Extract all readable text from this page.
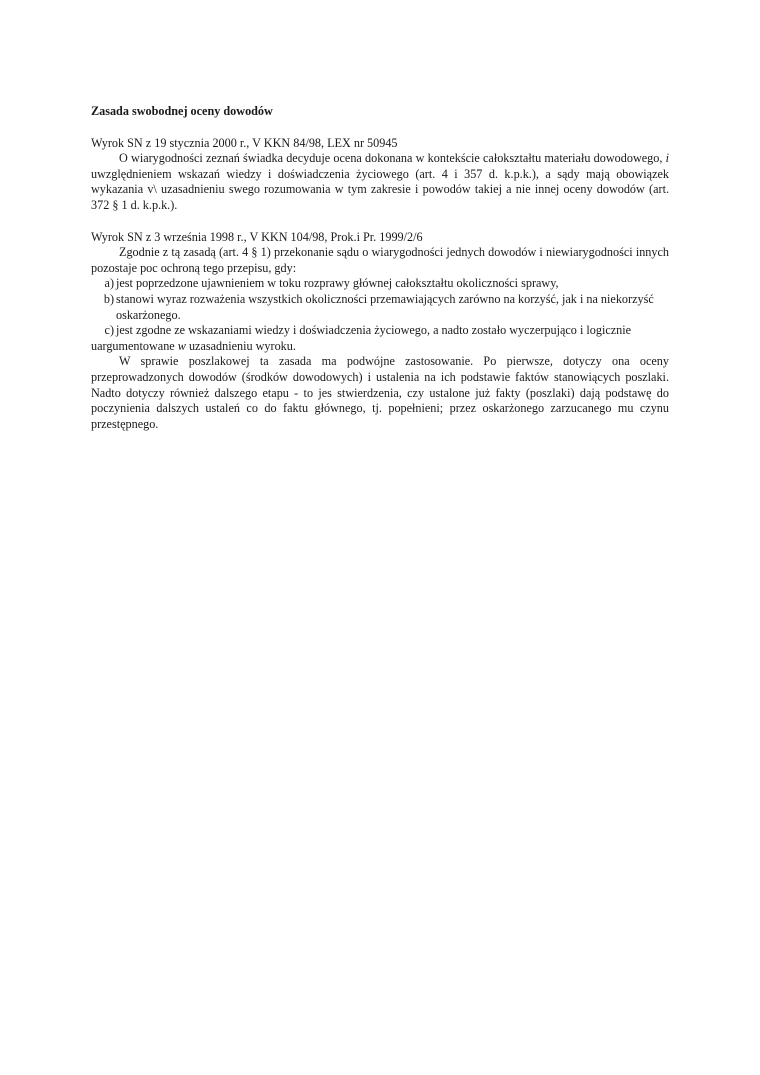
Zasada swobodnej oceny dowodów

Wyrok SN z 19 stycznia 2000 r., V KKN 84/98, LEX nr 50945

O wiarygodności zeznań świadka decyduje ocena dokonana w kontekście całokształtu materiału dowodowego, i uwzględnieniem wskazań wiedzy i doświadczenia życiowego (art. 4 i 357 d. k.p.k.), a sądy mają obowiązek wykazania v\ uzasadnieniu swego rozumowania w tym zakresie i powodów takiej a nie innej oceny dowodów (art. 372 § 1 d. k.p.k.).

Wyrok SN z 3 września 1998 r., V KKN 104/98, Prok.i Pr. 1999/2/6

Zgodnie z tą zasadą (art. 4 § 1) przekonanie sądu o wiarygodności jednych dowodów i niewiarygodności innych pozostaje poc ochroną tego przepisu, gdy:

a) jest poprzedzone ujawnieniem w toku rozprawy głównej całokształtu okoliczności sprawy,

b) stanowi wyraz rozważenia wszystkich okoliczności przemawiających zarówno na korzyść, jak i na niekorzyść oskarżonego.

c) jest zgodne ze wskazaniami wiedzy i doświadczenia życiowego, a nadto zostało wyczerpująco i logicznie

uargumentowane w uzasadnieniu wyroku.

W sprawie poszlakowej ta zasada ma podwójne zastosowanie. Po pierwsze, dotyczy ona oceny przeprowadzonych dowodów (środków dowodowych) i ustalenia na ich podstawie faktów stanowiących poszlaki. Nadto dotyczy również dalszego etapu - to jes stwierdzenia, czy ustalone już fakty (poszlaki) dają podstawę do poczynienia dalszych ustaleń co do faktu głównego, tj. popełnieni; przez oskarżonego zarzucanego mu czynu przestępnego.
